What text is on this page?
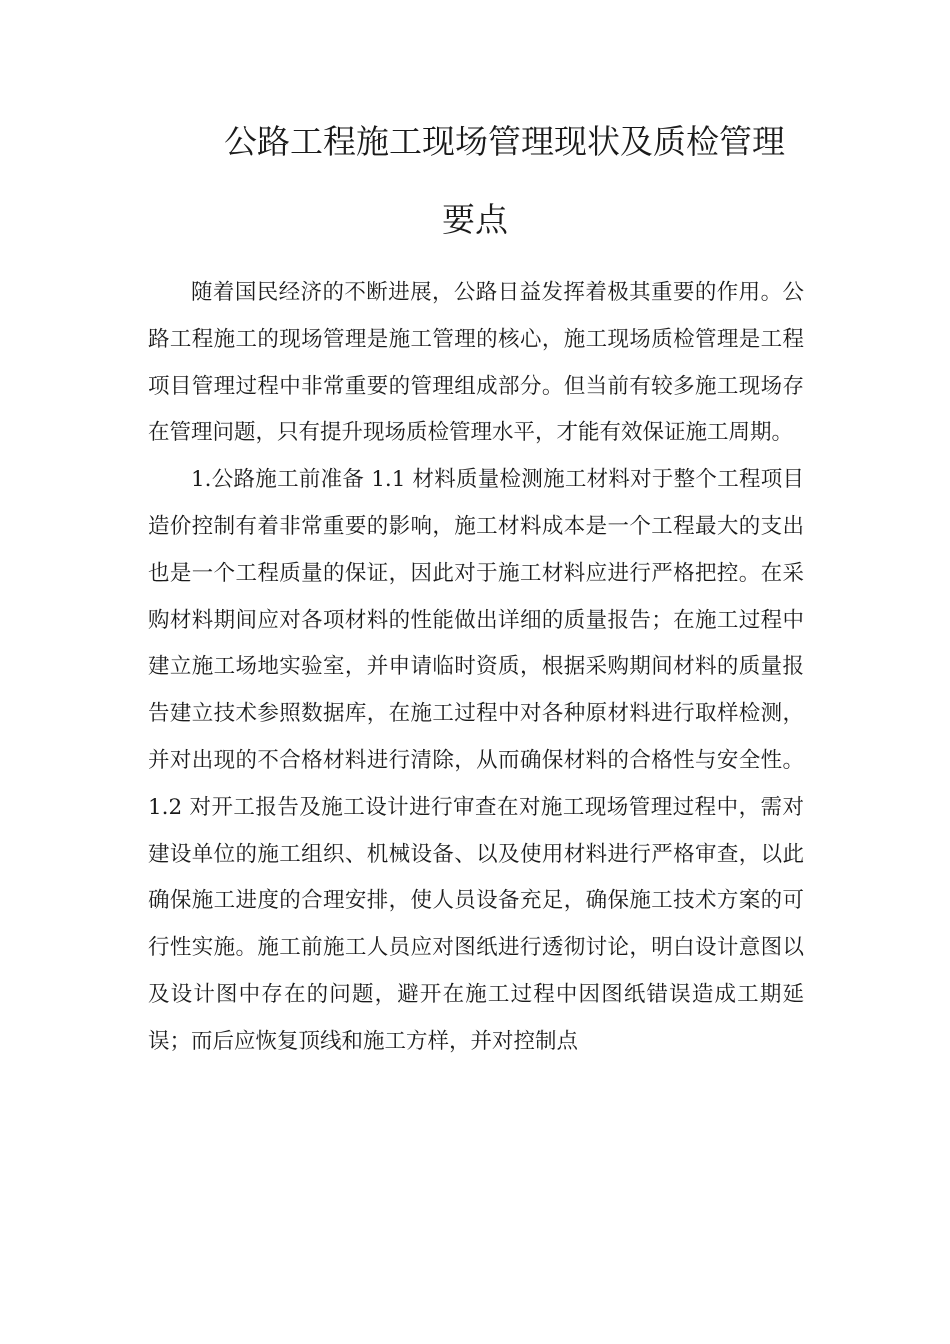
公路工程施工现场管理现状及质检管理
要点

随着国民经济的不断进展，公路日益发挥着极其重要的作用。公路工程施工的现场管理是施工管理的核心，施工现场质检管理是工程项目管理过程中非常重要的管理组成部分。但当前有较多施工现场存在管理问题，只有提升现场质检管理水平，才能有效保证施工周期。

1.公路施工前准备 1.1 材料质量检测施工材料对于整个工程项目造价控制有着非常重要的影响，施工材料成本是一个工程最大的支出也是一个工程质量的保证，因此对于施工材料应进行严格把控。在采购材料期间应对各项材料的性能做出详细的质量报告；在施工过程中建立施工场地实验室，并申请临时资质，根据采购期间材料的质量报告建立技术参照数据库，在施工过程中对各种原材料进行取样检测，并对出现的不合格材料进行清除，从而确保材料的合格性与安全性。1.2 对开工报告及施工设计进行审查在对施工现场管理过程中，需对建设单位的施工组织、机械设备、以及使用材料进行严格审查，以此确保施工进度的合理安排，使人员设备充足，确保施工技术方案的可行性实施。施工前施工人员应对图纸进行透彻讨论，明白设计意图以及设计图中存在的问题，避开在施工过程中因图纸错误造成工期延误；而后应恢复顶线和施工方样，并对控制点
